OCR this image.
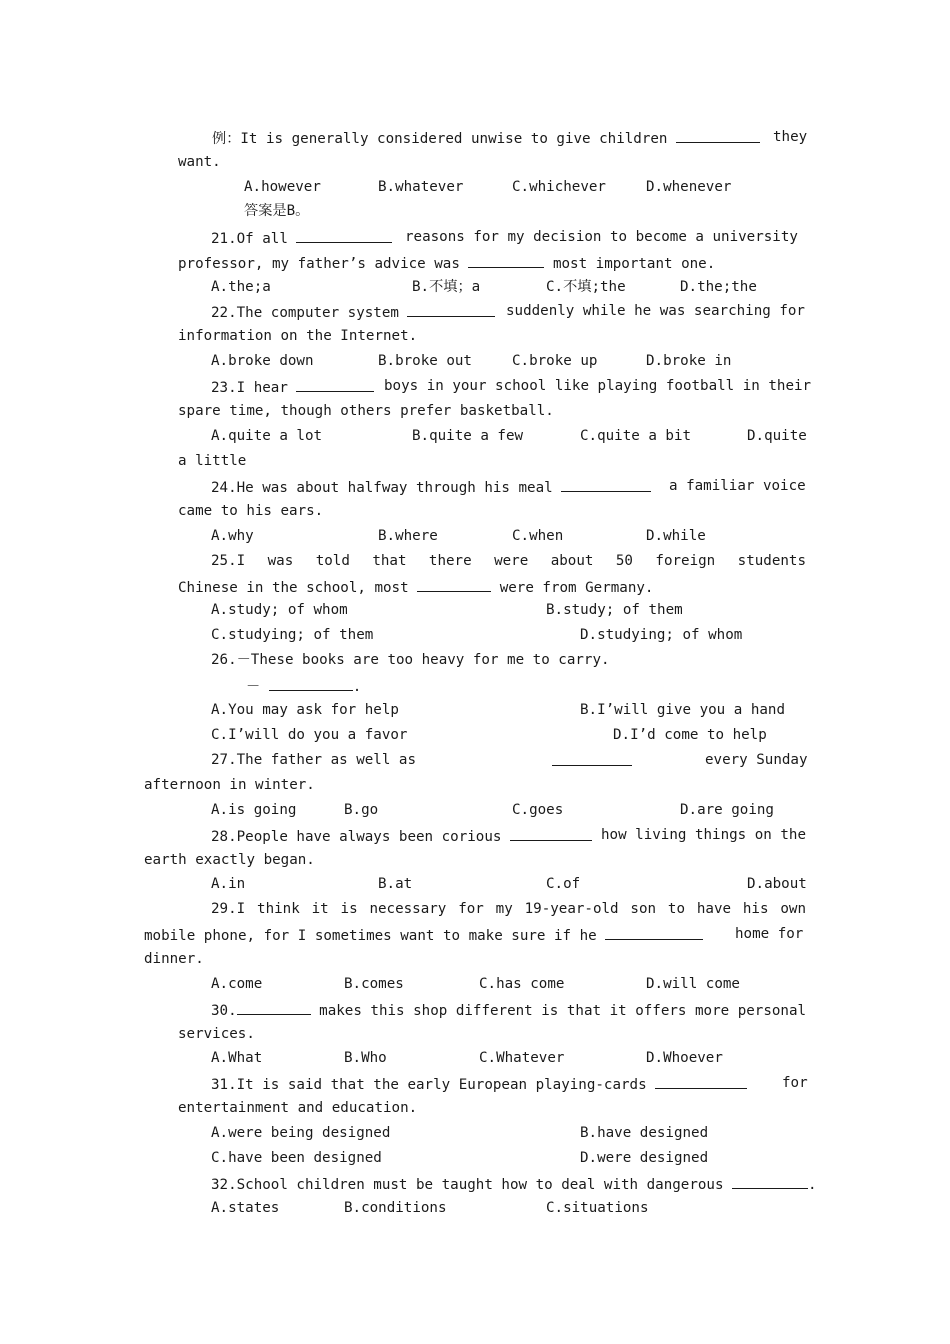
例：It is generally considered unwise to give children	they
want.
A.however	B.whatever	C.whichever	D.whenever
答案是B。
21.Of all	reasons for my decision to become a university
professor, my father’s advice was	most important one.
A.the;a	B.不填；a	C.不填;the	D.the;the
22.The computer system	suddenly while he was searching for
information on the Internet.
A.broke down	B.broke out	C.broke up	D.broke in
23.I hear	boys in your school like playing football in their
spare time, though others prefer basketball.
A.quite a lot	B.quite a few	C.quite a bit	D.quite
a little
24.He was about halfway through his meal	a familiar voice
came to his ears.
A.why	B.where	C.when	D.while
25.I was told that there were about 50 foreign students
Chinese in the school, most	were from Germany.
A.study; of whom	B.study; of them
C.studying; of them	D.studying; of whom
26.－These books are too heavy for me to carry.
－	.
A.You may ask for help	B.I’will give you a hand
C.I’will do you a favor	D.I’d come to help
27.The father as well as	every Sunday
afternoon in winter.
A.is going	B.go	C.goes	D.are going
28.People have always been corious	how living things on the
earth exactly began.
A.in	B.at	C.of	D.about
29.I think it is necessary for my 19-year-old son to have his own
mobile phone, for I sometimes want to make sure if he	home for
dinner.
A.come	B.comes	C.has come	D.will come
30.	makes this shop different is that it offers more personal
services.
A.What	B.Who	C.Whatever	D.Whoever
31.It is said that the early European playing-cards	for
entertainment and education.
A.were being designed	B.have designed
C.have been designed	D.were designed
32.School children must be taught how to deal with dangerous	.
A.states	B.conditions	C.situations
